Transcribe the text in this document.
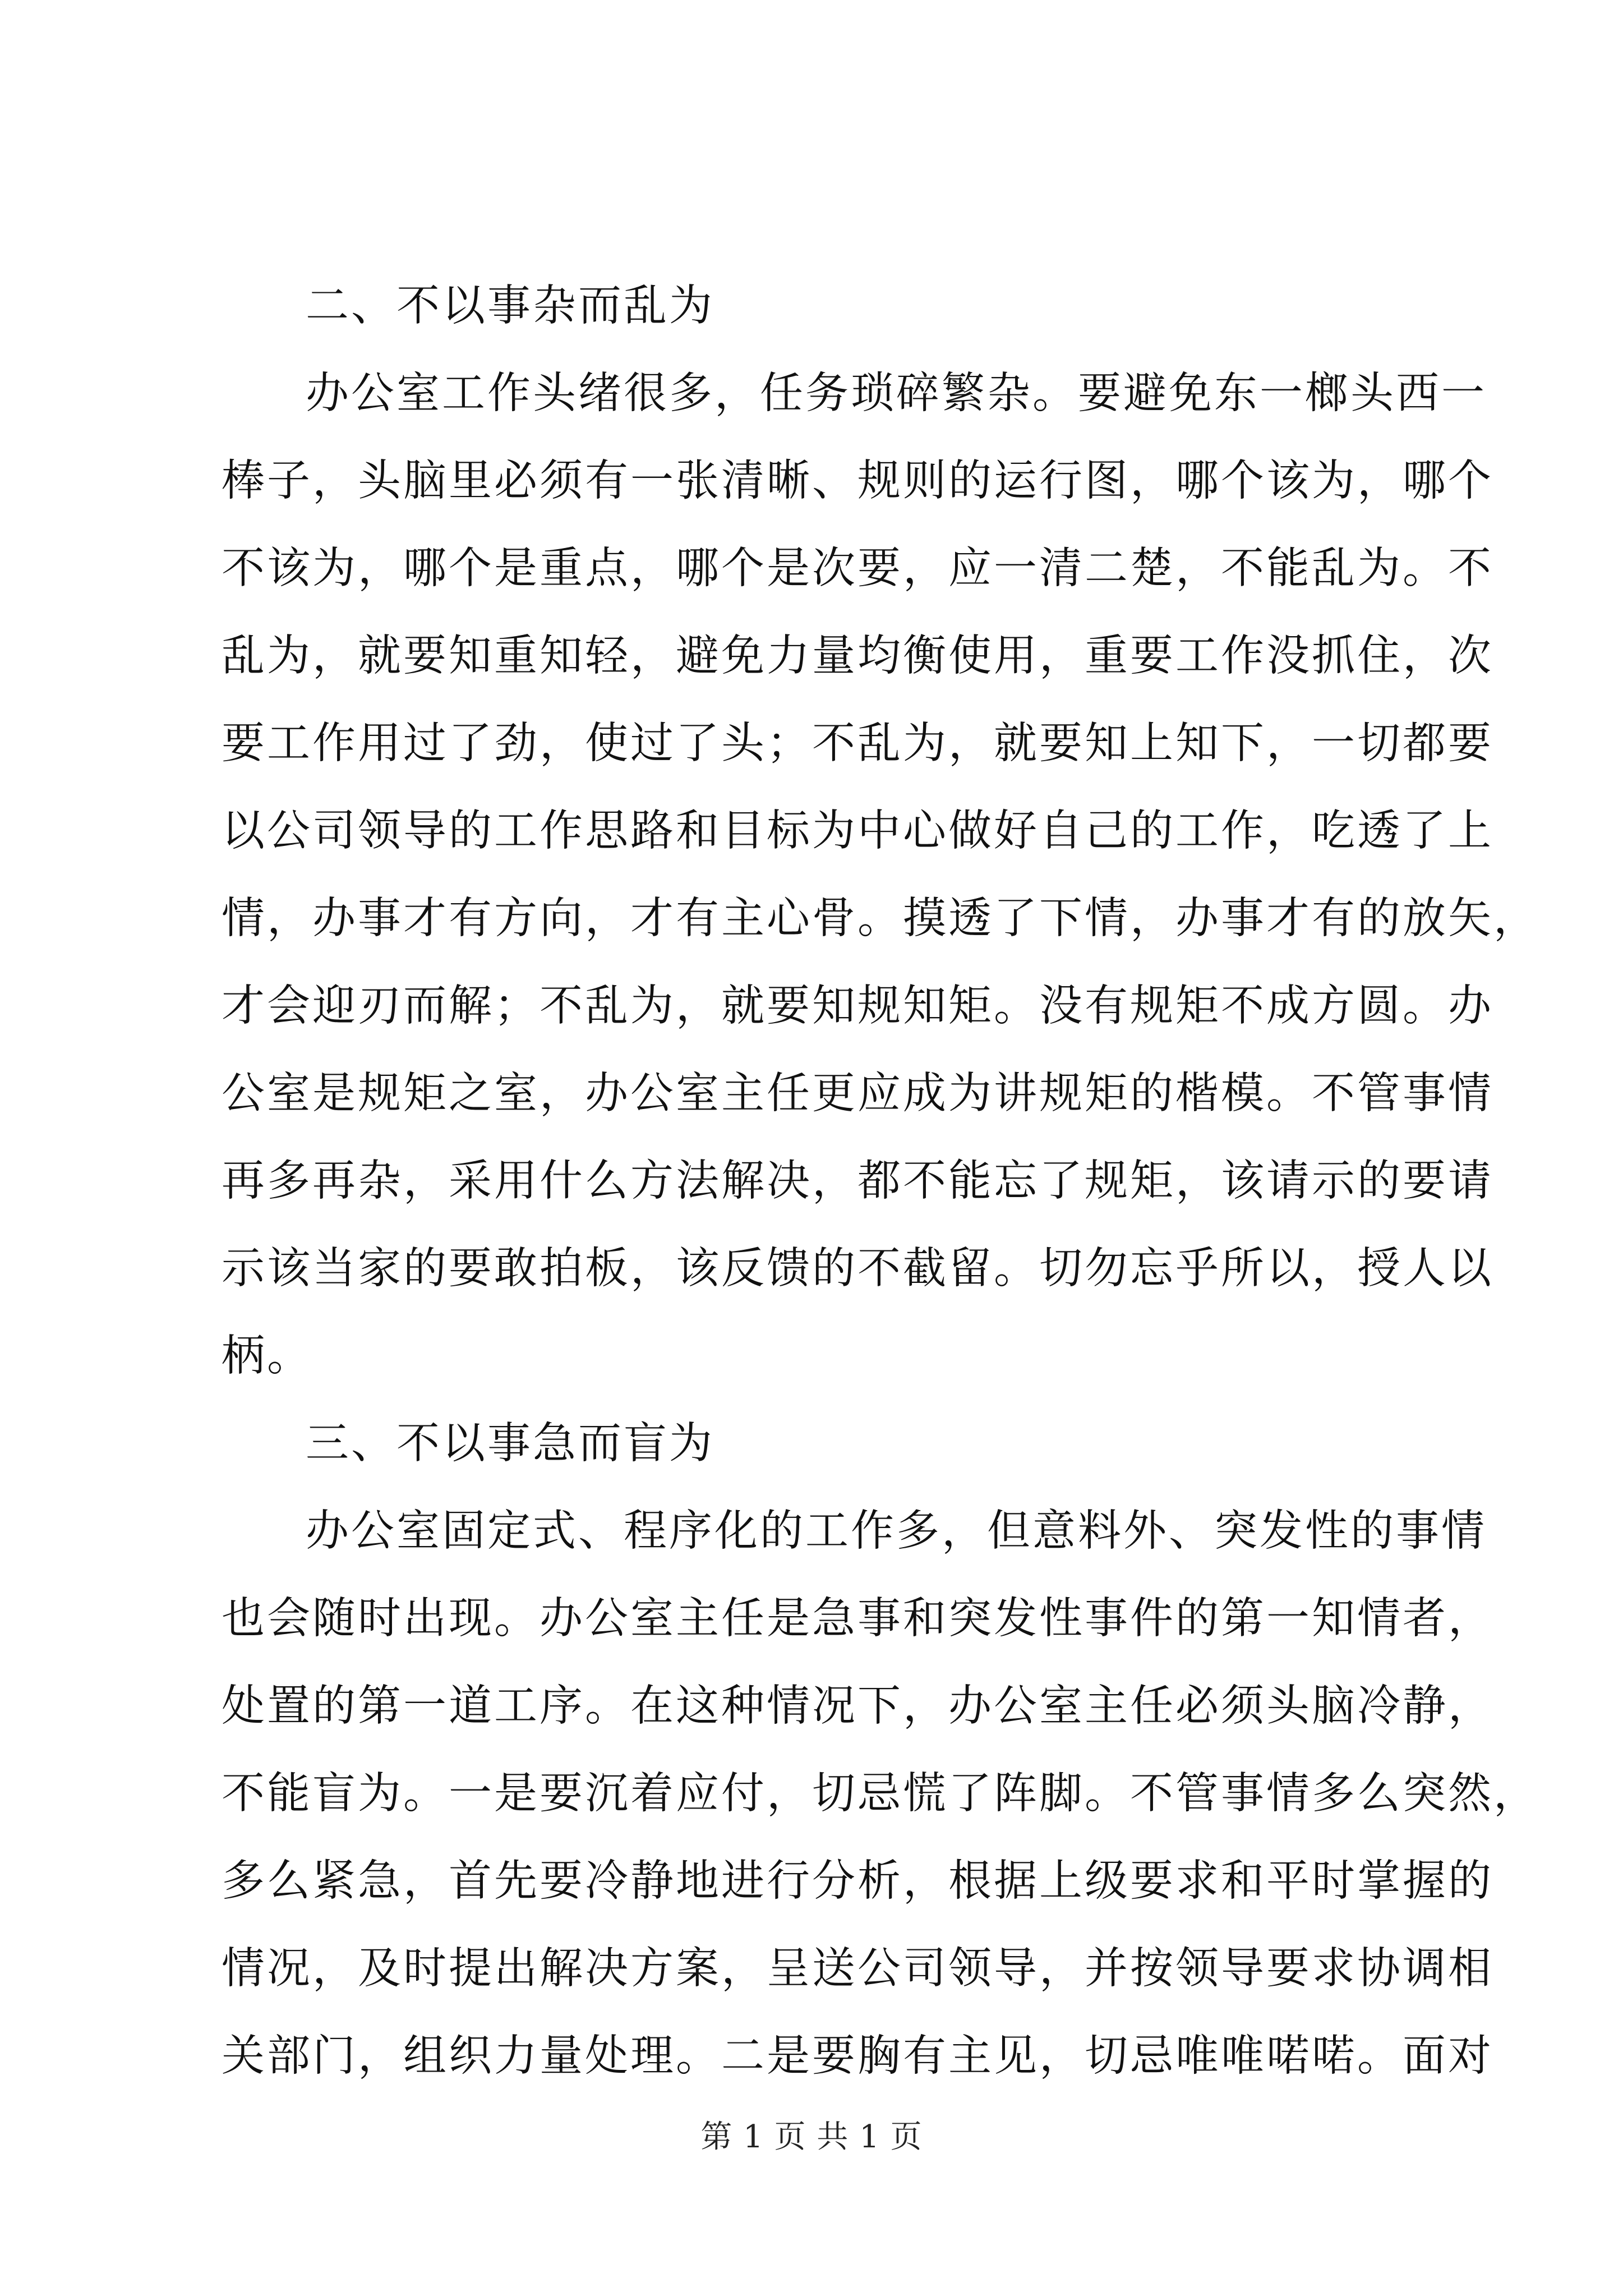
二、不以事杂而乱为

办公室工作头绪很多，任务琐碎繁杂。要避免东一榔头西一
棒子，头脑里必须有一张清晰、规则的运行图，哪个该为，哪个
不该为，哪个是重点，哪个是次要，应一清二楚，不能乱为。不
乱为，就要知重知轻，避免力量均衡使用，重要工作没抓住，次
要工作用过了劲，使过了头；不乱为，就要知上知下，一切都要
以公司领导的工作思路和目标为中心做好自己的工作，吃透了上
情，办事才有方向，才有主心骨。摸透了下情，办事才有的放矢，
才会迎刃而解；不乱为，就要知规知矩。没有规矩不成方圆。办
公室是规矩之室，办公室主任更应成为讲规矩的楷模。不管事情
再多再杂，采用什么方法解决，都不能忘了规矩，该请示的要请
示该当家的要敢拍板，该反馈的不截留。切勿忘乎所以，授人以
柄。

三、不以事急而盲为

办公室固定式、程序化的工作多，但意料外、突发性的事情
也会随时出现。办公室主任是急事和突发性事件的第一知情者，
处置的第一道工序。在这种情况下，办公室主任必须头脑冷静，
不能盲为。一是要沉着应付，切忌慌了阵脚。不管事情多么突然，
多么紧急，首先要冷静地进行分析，根据上级要求和平时掌握的
情况，及时提出解决方案，呈送公司领导，并按领导要求协调相
关部门，组织力量处理。二是要胸有主见，切忌唯唯喏喏。面对
第 1 页 共 1 页
